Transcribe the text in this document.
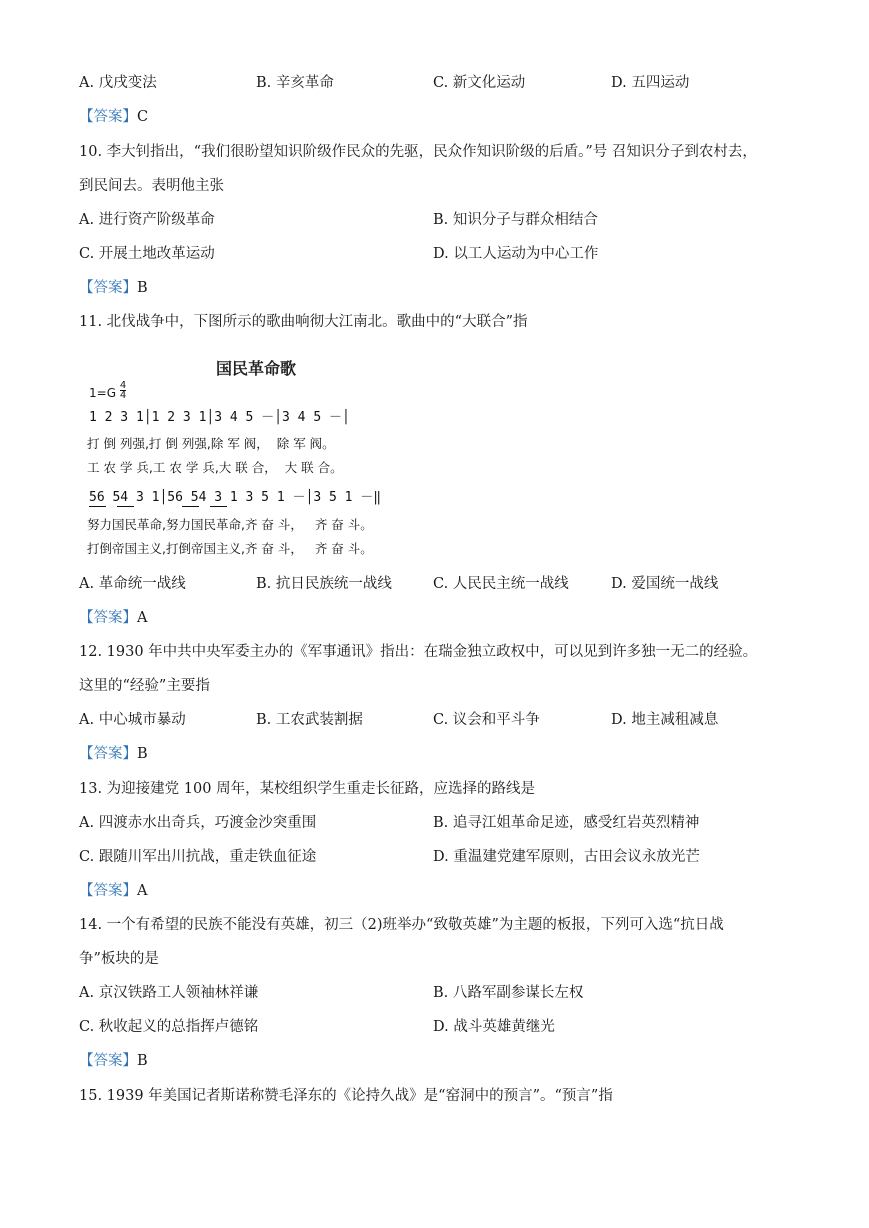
A. 戊戌变法	B. 辛亥革命	C. 新文化运动	D. 五四运动
【答案】C
10. 李大钊指出，“我们很盼望知识阶级作民众的先驱，民众作知识阶级的后盾。”号 召知识分子到农村去，
到民间去。表明他主张
A. 进行资产阶级革命	B. 知识分子与群众相结合
C. 开展土地改革运动	D. 以工人运动为中心工作
【答案】B
11. 北伐战争中，下图所示的歌曲响彻大江南北。歌曲中的“大联合”指
国民革命歌
$1=G \frac{4}{4}$
1 2 3 1│1 2 3 1│3 4 5 －│3 4 5 －│
打 倒 列强,打 倒 列强,除 军 阀，  除 军 阀。
工 农 学 兵,工 农 学 兵,大 联 合，  大 联 合。
56 54 3 1│56 54 3 1 3 5 1 －│3 5 1 －‖
努力国民革命,努力国民革命,齐 奋 斗，   齐 奋 斗。
打倒帝国主义,打倒帝国主义,齐 奋 斗，   齐 奋 斗。
A. 革命统一战线	B. 抗日民族统一战线	C. 人民民主统一战线	D. 爱国统一战线
【答案】A
12. 1930 年中共中央军委主办的《军事通讯》指出：在瑞金独立政权中，可以见到许多独一无二的经验。
这里的“经验”主要指
A. 中心城市暴动	B. 工农武装割据	C. 议会和平斗争	D. 地主减租减息
【答案】B
13. 为迎接建党 100 周年，某校组织学生重走长征路，应选择的路线是
A. 四渡赤水出奇兵，巧渡金沙突重围	B. 追寻江姐革命足迹，感受红岩英烈精神
C. 跟随川军出川抗战，重走铁血征途	D. 重温建党建军原则，古田会议永放光芒
【答案】A
14. 一个有希望的民族不能没有英雄，初三（2)班举办“致敬英雄”为主题的板报，下列可入选“抗日战
争”板块的是
A. 京汉铁路工人领袖林祥谦	B. 八路军副参谋长左权
C. 秋收起义的总指挥卢德铭	D. 战斗英雄黄继光
【答案】B
15. 1939 年美国记者斯诺称赞毛泽东的《论持久战》是“窑洞中的预言”。“预言”指
